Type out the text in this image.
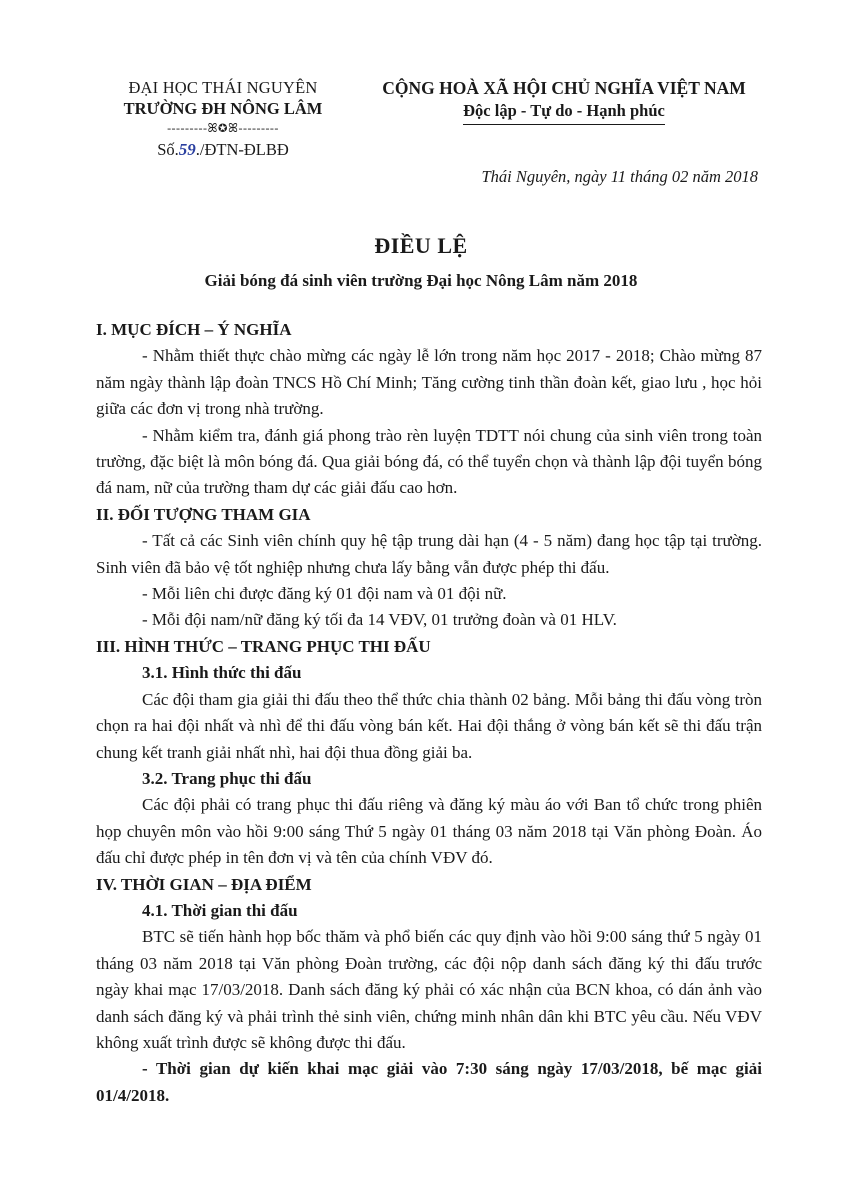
ĐẠI HỌC THÁI NGUYÊN
TRƯỜNG ĐH NÔNG LÂM
---------ꕤ✪ꕤ---------
Số.59./ĐTN-ĐLBĐ
CỘNG HOÀ XÃ HỘI CHỦ NGHĨA VIỆT NAM
Độc lập - Tự do - Hạnh phúc
Thái Nguyên, ngày 11 tháng 02 năm 2018
ĐIỀU LỆ
Giải bóng đá sinh viên trường Đại học Nông Lâm năm 2018

I. MỤC ĐÍCH – Ý NGHĨA

- Nhằm thiết thực chào mừng các ngày lễ lớn trong năm học 2017 - 2018; Chào mừng 87 năm ngày thành lập đoàn TNCS Hồ Chí Minh; Tăng cường tinh thần đoàn kết, giao lưu , học hỏi giữa các đơn vị trong nhà trường.

- Nhằm kiểm tra, đánh giá phong trào rèn luyện TDTT nói chung của sinh viên trong toàn trường, đặc biệt là môn bóng đá. Qua giải bóng đá, có thể tuyển chọn và thành lập đội tuyển bóng đá nam, nữ của trường tham dự các giải đấu cao hơn.

II. ĐỐI TƯỢNG THAM GIA

- Tất cả các Sinh viên chính quy hệ tập trung dài hạn (4 - 5 năm) đang học tập tại trường. Sinh viên đã bảo vệ tốt nghiệp nhưng chưa lấy bằng vẫn được phép thi đấu.

- Mỗi liên chi được đăng ký 01 đội nam và 01 đội nữ.

- Mỗi đội nam/nữ đăng ký tối đa 14 VĐV, 01 trưởng đoàn và 01 HLV.

III. HÌNH THỨC – TRANG PHỤC THI ĐẤU

3.1. Hình thức thi đấu

Các đội tham gia giải thi đấu theo thể thức chia thành 02 bảng. Mỗi bảng thi đấu vòng tròn chọn ra hai đội nhất và nhì để thi đấu vòng bán kết. Hai đội thắng ở vòng bán kết sẽ thi đấu trận chung kết tranh giải nhất nhì, hai đội thua đồng giải ba.

3.2. Trang phục thi đấu

Các đội phải có trang phục thi đấu riêng và đăng ký màu áo với Ban tổ chức trong phiên họp chuyên môn vào hồi 9:00 sáng Thứ 5 ngày 01 tháng 03 năm 2018 tại Văn phòng Đoàn. Áo đấu chỉ được phép in tên đơn vị và tên của chính VĐV đó.

IV. THỜI GIAN – ĐỊA ĐIỂM

4.1. Thời gian thi đấu

BTC sẽ tiến hành họp bốc thăm và phổ biến các quy định vào hồi 9:00 sáng thứ 5 ngày 01 tháng 03 năm 2018 tại Văn phòng Đoàn trường, các đội nộp danh sách đăng ký thi đấu trước ngày khai mạc 17/03/2018. Danh sách đăng ký phải có xác nhận của BCN khoa, có dán ảnh vào danh sách đăng ký và phải trình thẻ sinh viên, chứng minh nhân dân khi BTC yêu cầu. Nếu VĐV không xuất trình được sẽ không được thi đấu.

- Thời gian dự kiến khai mạc giải vào 7:30 sáng ngày 17/03/2018, bế mạc giải 01/4/2018.
